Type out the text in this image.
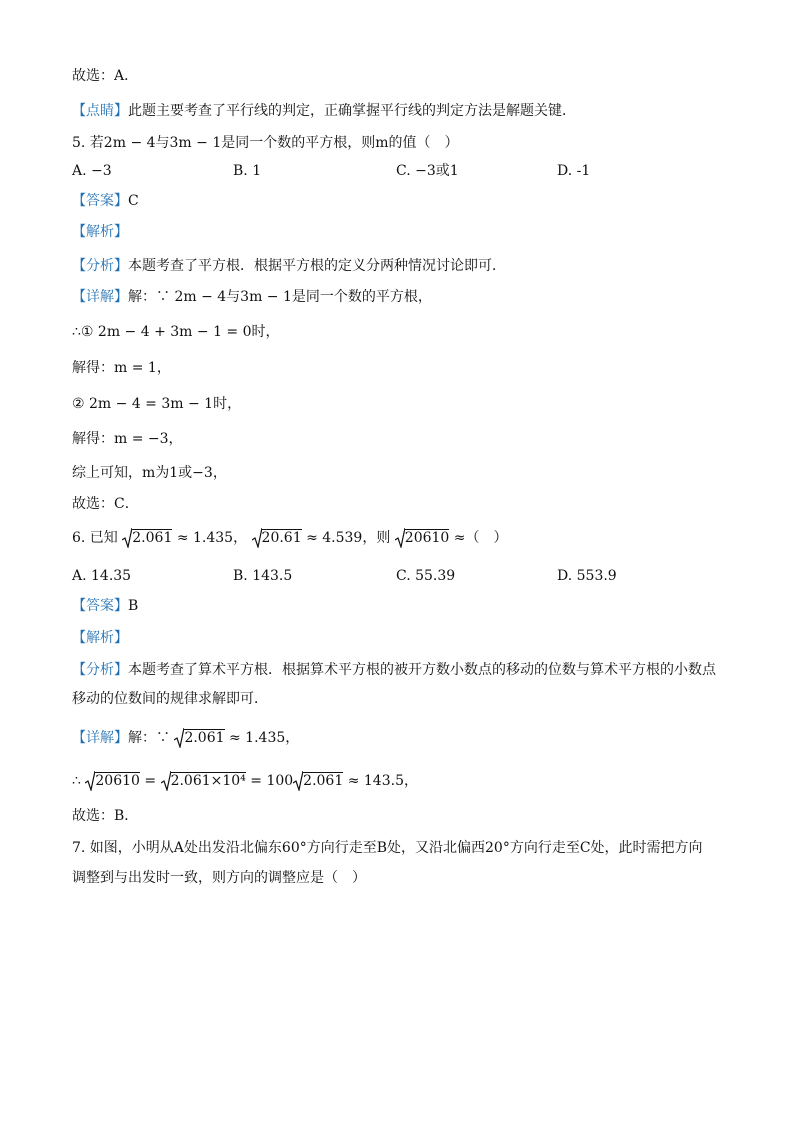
故选：A．
【点睛】此题主要考查了平行线的判定，正确掌握平行线的判定方法是解题关键．
5. 若2m − 4与3m − 1是同一个数的平方根，则m的值（　）
A. −3	B. 1	C. −3或1	D. -1
【答案】C
【解析】
【分析】本题考查了平方根．根据平方根的定义分两种情况讨论即可．
【详解】解：∵ 2m − 4与3m − 1是同一个数的平方根，
∴① 2m − 4 + 3m − 1 = 0时，
解得：m = 1，
② 2m − 4 = 3m − 1时，
解得：m = −3，
综上可知，m为1或−3，
故选：C．
6. 已知 2.061 ≈ 1.435， 20.61 ≈ 4.539，则 20610 ≈（　）
A. 14.35	B. 143.5	C. 55.39	D. 553.9
【答案】B
【解析】
【分析】本题考查了算术平方根．根据算术平方根的被开方数小数点的移动的位数与算术平方根的小数点
移动的位数间的规律求解即可．
【详解】解：∵ 2.061 ≈ 1.435，
∴ 20610 = 2.061×10⁴ = 100 2.061 ≈ 143.5，
故选：B．
7. 如图，小明从A处出发沿北偏东60°方向行走至B处，又沿北偏西20°方向行走至C处，此时需把方向
调整到与出发时一致，则方向的调整应是（　）
